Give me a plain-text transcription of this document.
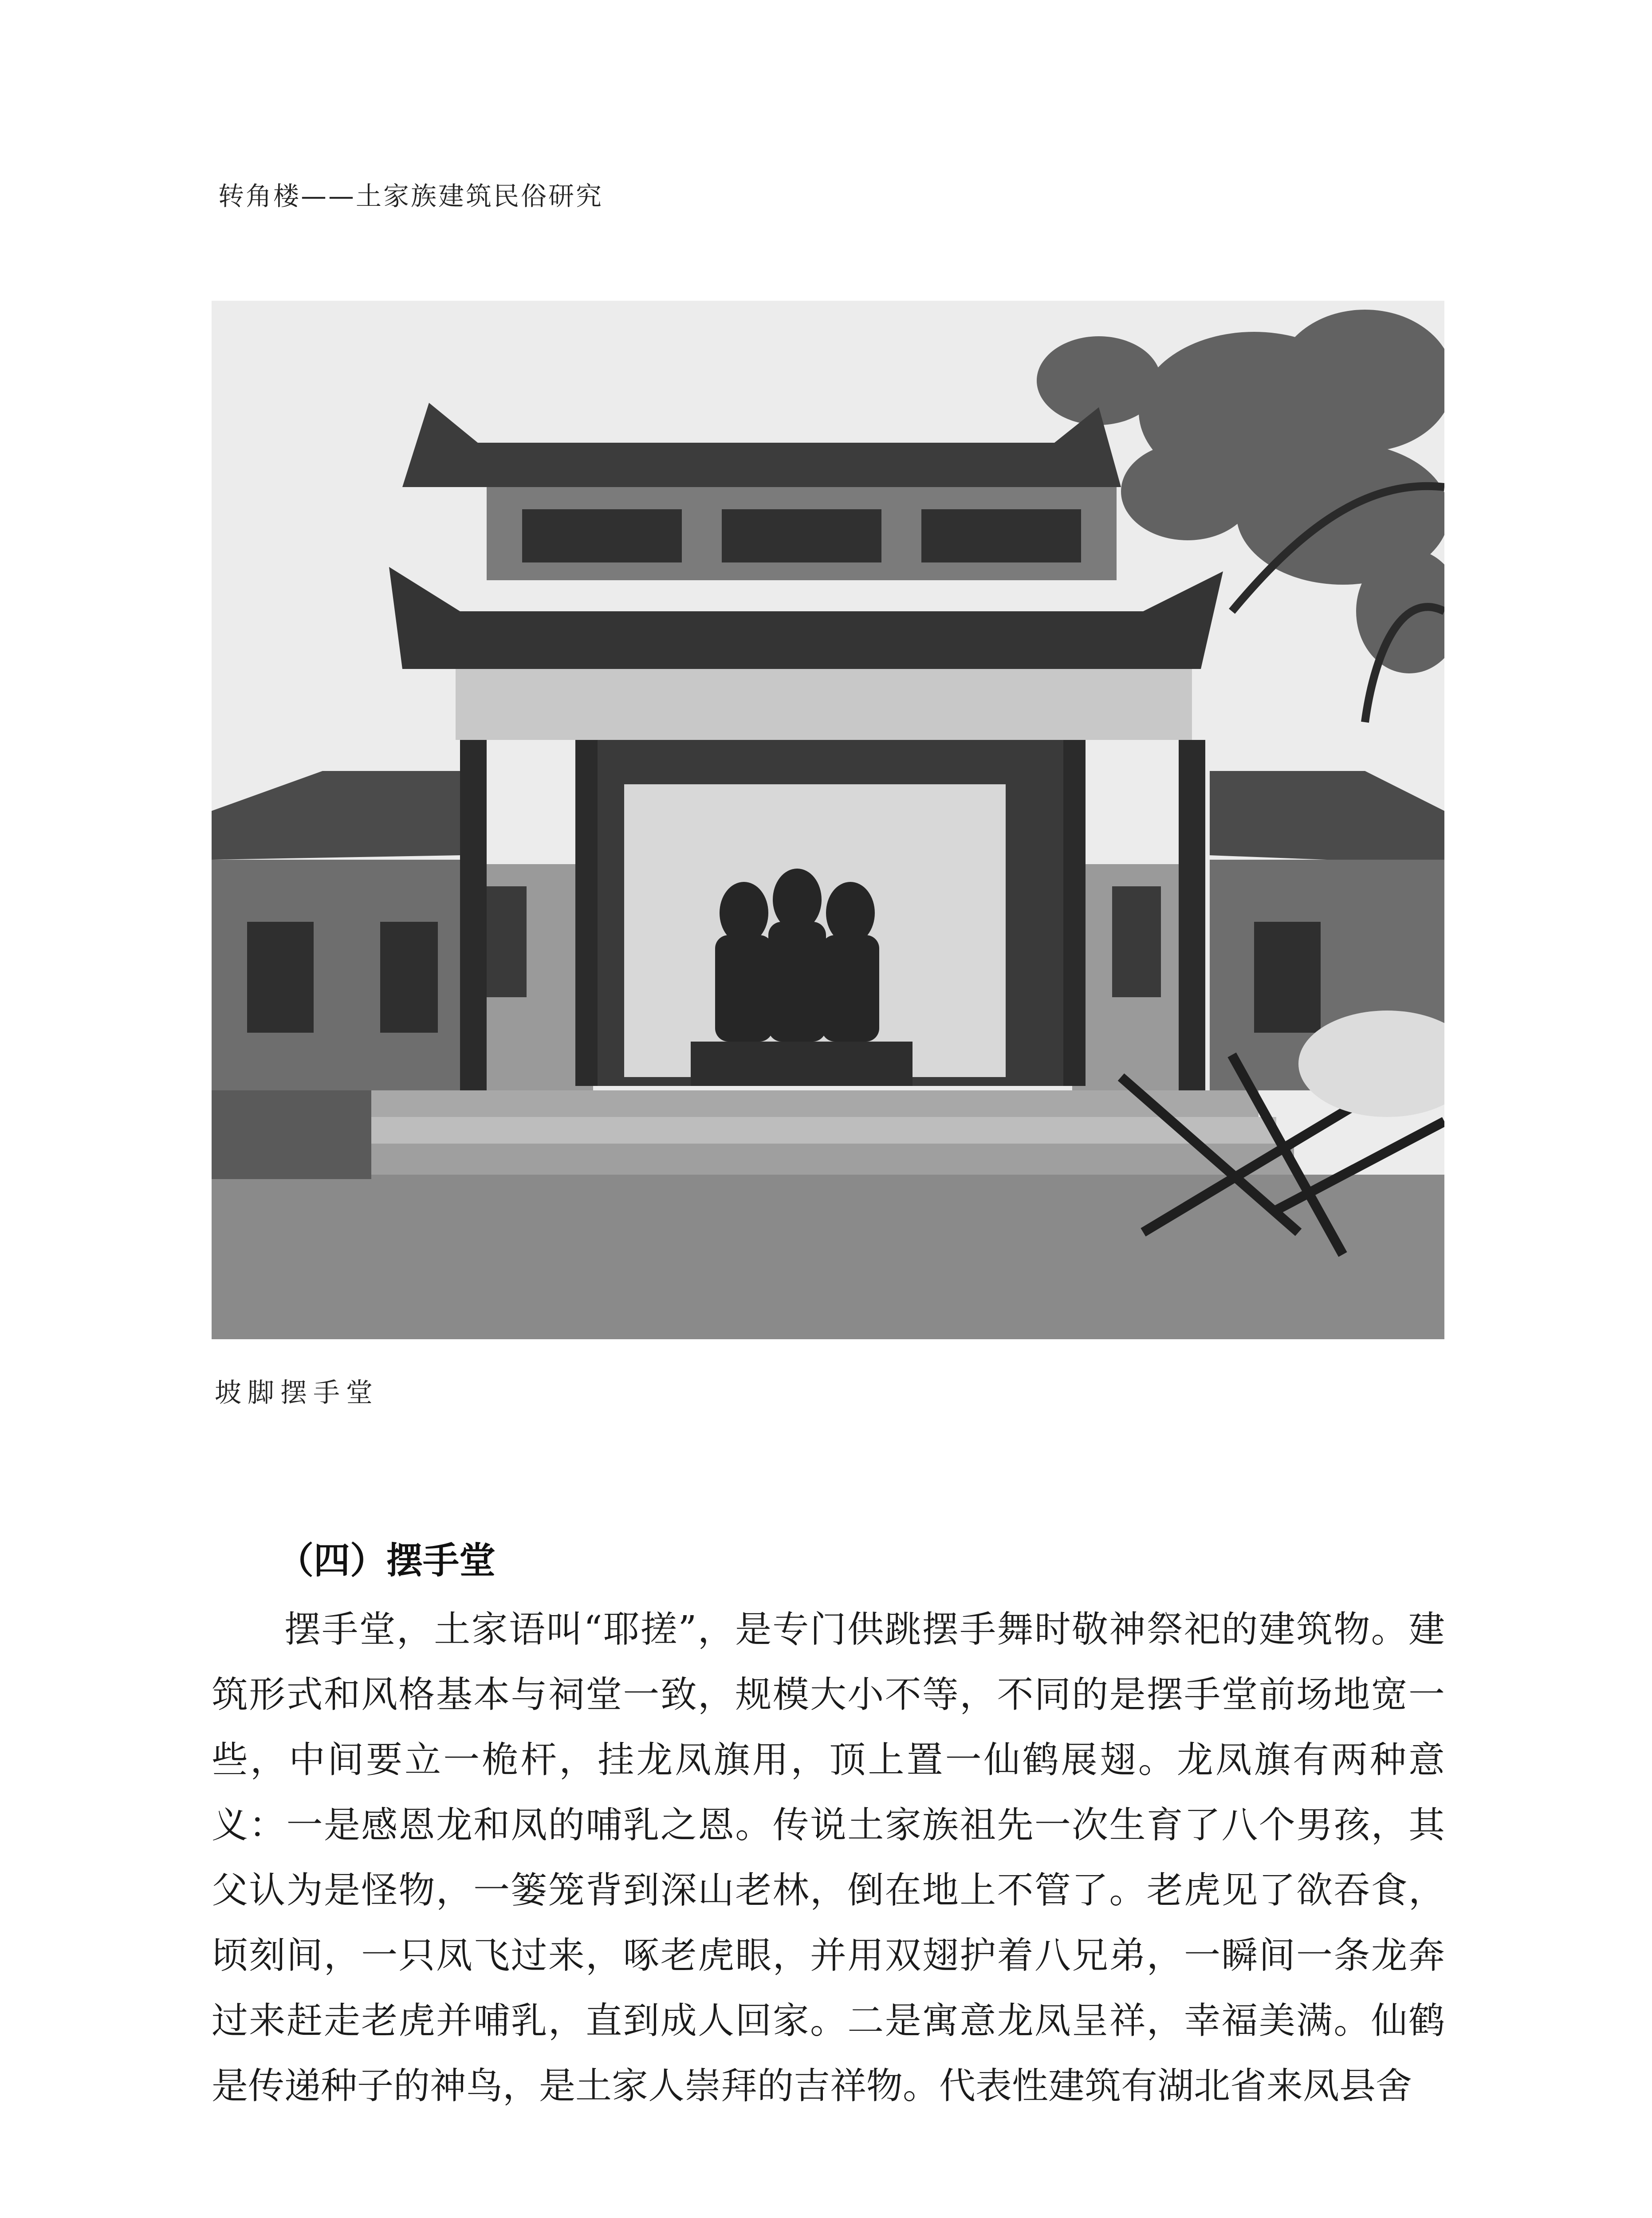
转角楼——土家族建筑民俗研究
坡脚摆手堂
（四）摆手堂

摆手堂，土家语叫“耶搓”，是专门供跳摆手舞时敬神祭祀的建筑物。建筑形式和风格基本与祠堂一致，规模大小不等，不同的是摆手堂前场地宽一些，中间要立一桅杆，挂龙凤旗用，顶上置一仙鹤展翅。龙凤旗有两种意义：一是感恩龙和凤的哺乳之恩。传说土家族祖先一次生育了八个男孩，其父认为是怪物，一篓笼背到深山老林，倒在地上不管了。老虎见了欲吞食，顷刻间，一只凤飞过来，啄老虎眼，并用双翅护着八兄弟，一瞬间一条龙奔过来赶走老虎并哺乳，直到成人回家。二是寓意龙凤呈祥，幸福美满。仙鹤是传递种子的神鸟，是土家人崇拜的吉祥物。代表性建筑有湖北省来凤县舍
